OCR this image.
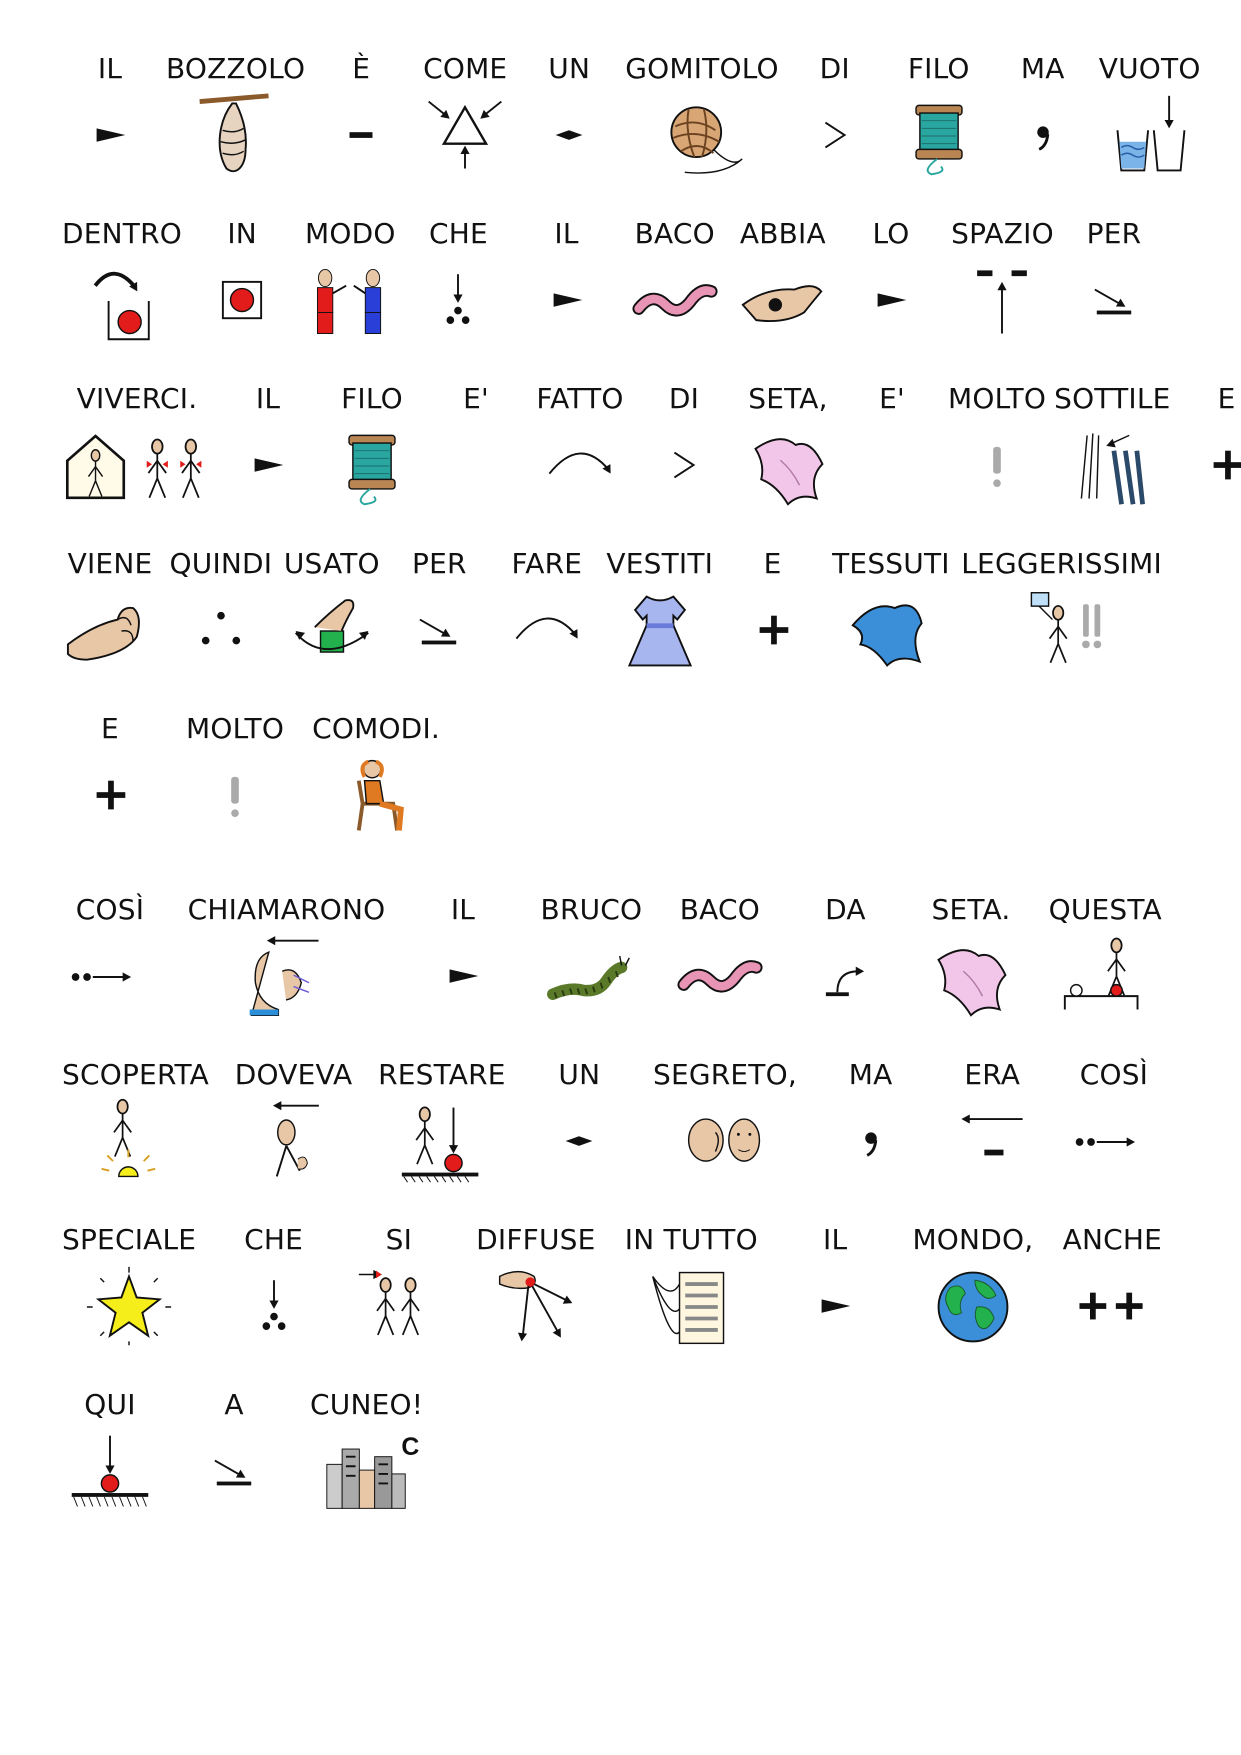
IL BOZZOLO È COME UN GOMITOLO DI FILO MA VUOTO
DENTRO IN MODO CHE IL BACO ABBIA LO SPAZIO PER
VIVERCI. IL FILO E' FATTO DI SETA, E' MOLTO SOTTILE E
VIENE QUINDI USATO PER FARE VESTITI E TESSUTI LEGGERISSIMI
E MOLTO COMODI.
COSÌ CHIAMARONO IL BRUCO BACO DA SETA. QUESTA
SCOPERTA DOVEVA RESTARE UN SEGRETO, MA	ERA COSÌ
SPECIALE CHE	SI DIFFUSE IN TUTTO IL MONDO, ANCHE
QUI	A CUNEO!
C
